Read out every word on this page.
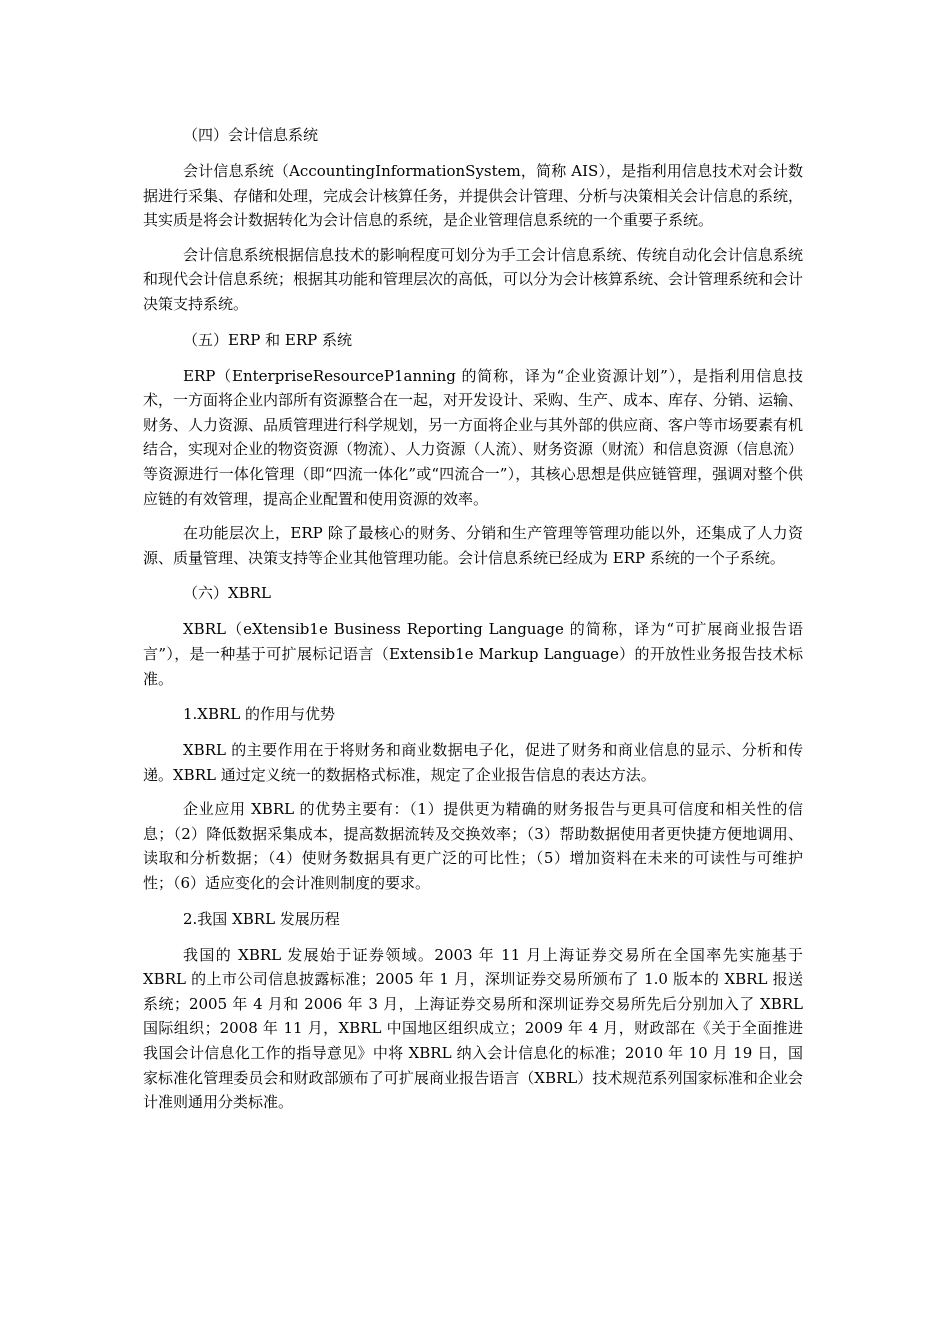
（四）会计信息系统

会计信息系统（AccountingInformationSystem，简称 AIS），是指利用信息技术对会计数据进行采集、存储和处理，完成会计核算任务，并提供会计管理、分析与决策相关会计信息的系统，其实质是将会计数据转化为会计信息的系统，是企业管理信息系统的一个重要子系统。

会计信息系统根据信息技术的影响程度可划分为手工会计信息系统、传统自动化会计信息系统和现代会计信息系统；根据其功能和管理层次的高低，可以分为会计核算系统、会计管理系统和会计决策支持系统。

（五）ERP 和 ERP 系统

ERP（EnterpriseResourceP1anning 的简称，译为“企业资源计划”），是指利用信息技术，一方面将企业内部所有资源整合在一起，对开发设计、采购、生产、成本、库存、分销、运输、财务、人力资源、品质管理进行科学规划，另一方面将企业与其外部的供应商、客户等市场要素有机结合，实现对企业的物资资源（物流）、人力资源（人流）、财务资源（财流）和信息资源（信息流）等资源进行一体化管理（即“四流一体化”或“四流合一”），其核心思想是供应链管理，强调对整个供应链的有效管理，提高企业配置和使用资源的效率。

在功能层次上，ERP 除了最核心的财务、分销和生产管理等管理功能以外，还集成了人力资源、质量管理、决策支持等企业其他管理功能。会计信息系统已经成为 ERP 系统的一个子系统。

（六）XBRL

XBRL（eXtensib1e Business Reporting Language 的简称，译为“可扩展商业报告语言”），是一种基于可扩展标记语言（Extensib1e Markup Language）的开放性业务报告技术标准。

1.XBRL 的作用与优势

XBRL 的主要作用在于将财务和商业数据电子化，促进了财务和商业信息的显示、分析和传递。XBRL 通过定义统一的数据格式标准，规定了企业报告信息的表达方法。

企业应用 XBRL 的优势主要有：（1）提供更为精确的财务报告与更具可信度和相关性的信息；（2）降低数据采集成本，提高数据流转及交换效率；（3）帮助数据使用者更快捷方便地调用、读取和分析数据；（4）使财务数据具有更广泛的可比性；（5）增加资料在未来的可读性与可维护性；（6）适应变化的会计准则制度的要求。

2.我国 XBRL 发展历程

我国的 XBRL 发展始于证券领域。2003 年 11 月上海证券交易所在全国率先实施基于 XBRL 的上市公司信息披露标准；2005 年 1 月，深圳证券交易所颁布了 1.0 版本的 XBRL 报送系统；2005 年 4 月和 2006 年 3 月，上海证券交易所和深圳证券交易所先后分别加入了 XBRL 国际组织；2008 年 11 月，XBRL 中国地区组织成立；2009 年 4 月，财政部在《关于全面推进我国会计信息化工作的指导意见》中将 XBRL 纳入会计信息化的标准；2010 年 10 月 19 日，国家标准化管理委员会和财政部颁布了可扩展商业报告语言（XBRL）技术规范系列国家标准和企业会计准则通用分类标准。
